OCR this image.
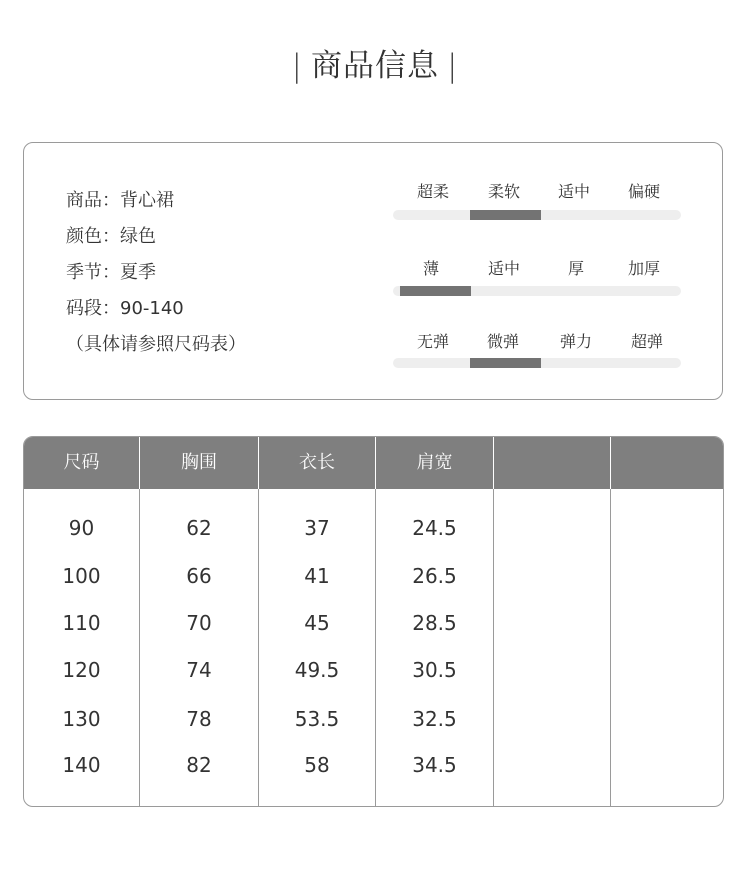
| 商品信息 |
商品：背心裙
颜色：绿色
季节：夏季
码段：90-140
（具体请参照尺码表）
超柔	柔软	适中	偏硬
薄	适中	厚	加厚
无弹	微弹	弹力	超弹
尺码	胸围	衣长	肩宽
90	62	37	24.5
100	66	41	26.5
110	70	45	28.5
120	74	49.5	30.5
130	78	53.5	32.5
140	82	58	34.5
